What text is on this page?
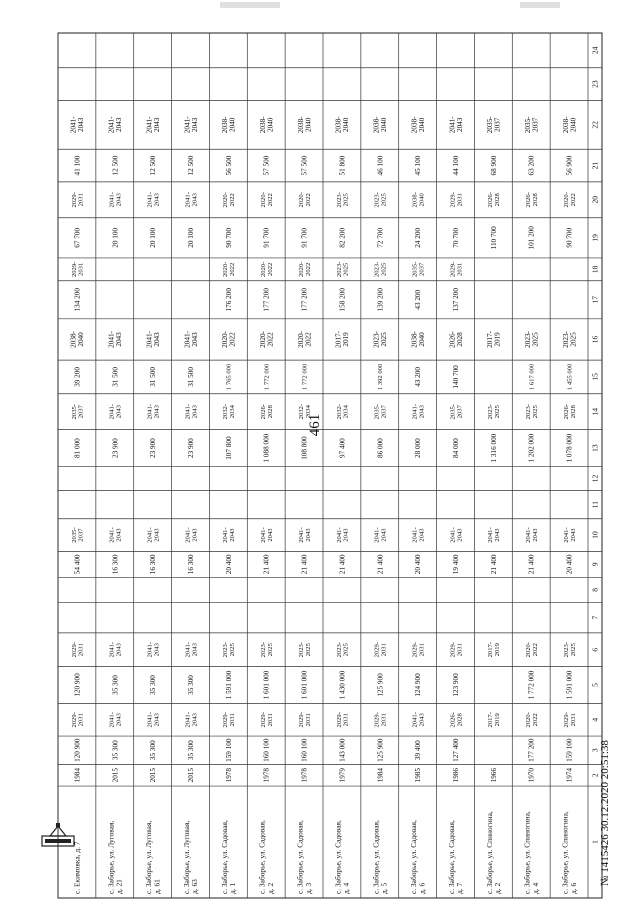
461
1
2
3
4
5
6
7
8
9
10
11
12
13
14
15
16
17
18
19
20
21
22
23
24
с. Екимовка, д. 7
1984
120 900
2029- 2031
120 900
2029- 2031
54 400
2035- 2037
81 000
2035- 2037
39 200
2038- 2040
134 200
2029- 2031
67 700
2029- 2031
41 100
2041- 2043
с. Заборье, ул. Луговая, д. 21
2015
35 300
2041- 2043
35 300
2041- 2043
16 300
2041- 2043
23 900
2041- 2043
31 500
2041- 2043
20 100
2041- 2043
12 500
2041- 2043
с. Заборье, ул. Луговая, д. 61
2015
35 300
2041- 2043
35 300
2041- 2043
16 300
2041- 2043
23 900
2041- 2043
31 500
2041- 2043
20 100
2041- 2043
12 500
2041- 2043
с. Заборье, ул. Луговая, д. 63
2015
35 300
2041- 2043
35 300
2041- 2043
16 300
2041- 2043
23 900
2041- 2043
31 500
2041- 2043
20 100
2041- 2043
12 500
2041- 2043
с. Заборье, ул. Садовая, д. 1
1978
159 100
2029- 2031
1 591 000
2023- 2025
20 400
2041- 2043
107 800
2032- 2034
1 765 000
2020- 2022
176 200
2020- 2022
90 700
2020- 2022
56 500
2038- 2040
с. Заборье, ул. Садовая, д. 2
1978
160 100
2029- 2031
1 601 000
2023- 2025
21 400
2041- 2043
1 088 000
2026- 2028
1 772 000
2020- 2022
177 200
2020- 2022
91 700
2020- 2022
57 500
2038- 2040
с. Заборье, ул. Садовая, д. 3
1978
160 100
2029- 2031
1 601 000
2023- 2025
21 400
2041- 2043
108 800
2032- 2034
1 772 000
2020- 2022
177 200
2020- 2022
91 700
2020- 2022
57 500
2038- 2040
с. Заборье, ул. Садовая, д. 4
1979
143 000
2029- 2031
1 430 000
2023- 2025
21 400
2041- 2043
97 400
2032- 2034
2017- 2019
158 200
2023- 2025
82 200
2023- 2025
51 800
2038- 2040
с. Заборье, ул. Садовая, д. 5
1984
125 900
2029- 2031
125 900
2029- 2031
21 400
2041- 2043
86 000
2035- 2037
1 392 000
2023- 2025
139 200
2023- 2025
72 700
2023- 2025
46 100
2038- 2040
с. Заборье, ул. Садовая, д. 6
1985
39 400
2041- 2043
124 900
2029- 2031
20 400
2041- 2043
28 000
2041- 2043
43 200
2038- 2040
43 200
2035- 2037
24 200
2038- 2040
45 100
2038- 2040
с. Заборье, ул. Садовая, д. 7
1986
127 400
2026- 2028
123 900
2029- 2031
19 400
2041- 2043
84 000
2035- 2037
140 700
2026- 2028
137 200
2029- 2031
70 700
2029- 2031
44 100
2041- 2043
с. Заборье, ул. Спиногина, д. 2
1966
2017- 2019
2017- 2019
21 400
2041- 2043
1 316 000
2023- 2025
2017- 2019
110 700
2026- 2028
68 900
2035- 2037
с. Заборье, ул. Спиногина, д. 4
1970
177 200
2020- 2022
1 772 000
2020- 2022
21 400
2041- 2043
1 202 000
2023- 2025
1 617 000
2023- 2025
101 200
2026- 2028
63 200
2035- 2037
с. Заборье, ул. Спиногина, д. 6
1974
159 100
2029- 2031
1 591 000
2023- 2025
20 400
2041- 2043
1 078 000
2026- 2028
1 455 000
2023- 2025
90 700
2020- 2022
56 900
2038- 2040
№ 1415426 30.12.2020 20:51:38
